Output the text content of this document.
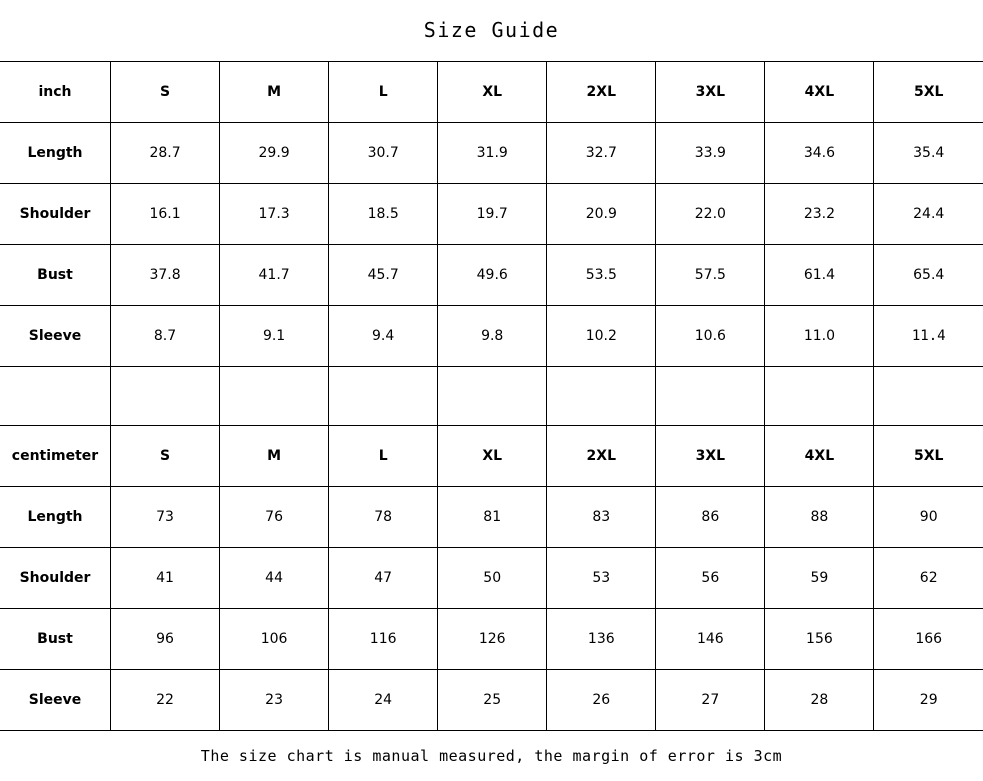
Size Guide
inch	S	M	L	XL	2XL	3XL	4XL	5XL
Length	28.7	29.9	30.7	31.9	32.7	33.9	34.6	35.4
Shoulder	16.1	17.3	18.5	19.7	20.9	22.0	23.2	24.4
Bust	37.8	41.7	45.7	49.6	53.5	57.5	61.4	65.4
Sleeve	8.7	9.1	9.4	9.8	10.2	10.6	11.0	11.4

centimeter	S	M	L	XL	2XL	3XL	4XL	5XL
Length	73	76	78	81	83	86	88	90
Shoulder	41	44	47	50	53	56	59	62
Bust	96	106	116	126	136	146	156	166
Sleeve	22	23	24	25	26	27	28	29
The size chart is manual measured, the margin of error is 3cm
